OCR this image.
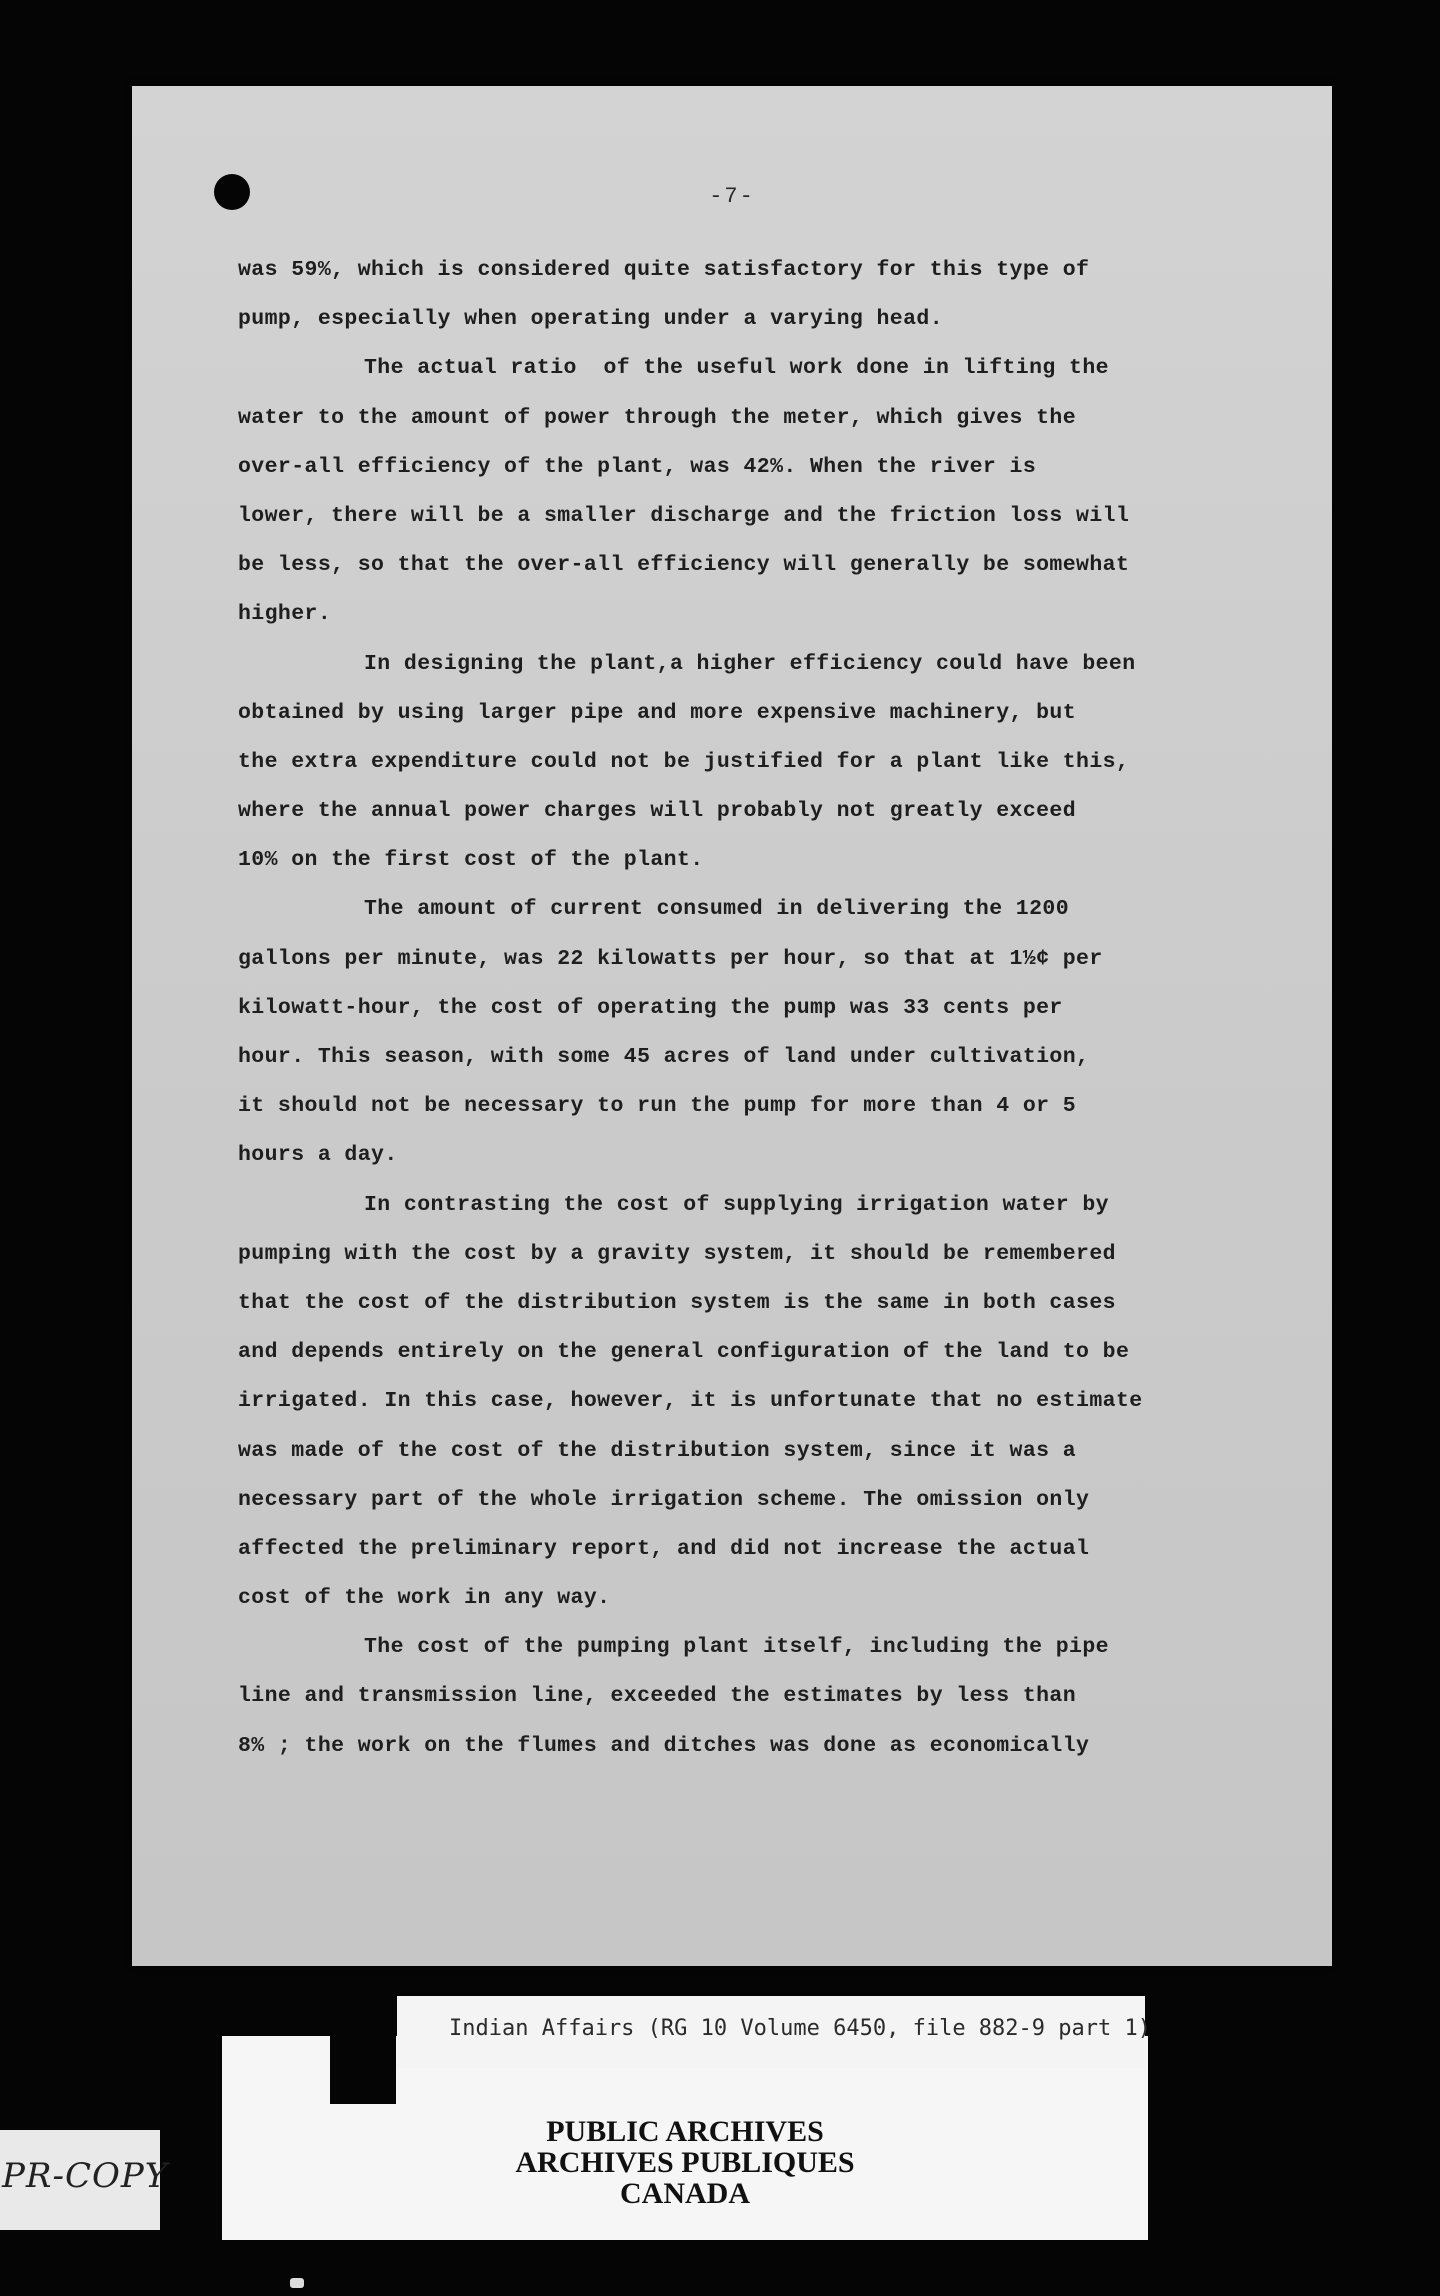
-7-
was 59%, which is considered quite satisfactory for this type of
pump, especially when operating under a varying head.
The actual ratio  of the useful work done in lifting the
water to the amount of power through the meter, which gives the
over-all efficiency of the plant, was 42%. When the river is
lower, there will be a smaller discharge and the friction loss will
be less, so that the over-all efficiency will generally be somewhat
higher.
In designing the plant,a higher efficiency could have been
obtained by using larger pipe and more expensive machinery, but
the extra expenditure could not be justified for a plant like this,
where the annual power charges will probably not greatly exceed
10% on the first cost of the plant.
The amount of current consumed in delivering the 1200
gallons per minute, was 22 kilowatts per hour, so that at 1½¢ per
kilowatt-hour, the cost of operating the pump was 33 cents per
hour. This season, with some 45 acres of land under cultivation,
it should not be necessary to run the pump for more than 4 or 5
hours a day.
In contrasting the cost of supplying irrigation water by
pumping with the cost by a gravity system, it should be remembered
that the cost of the distribution system is the same in both cases
and depends entirely on the general configuration of the land to be
irrigated. In this case, however, it is unfortunate that no estimate
was made of the cost of the distribution system, since it was a
necessary part of the whole irrigation scheme. The omission only
affected the preliminary report, and did not increase the actual
cost of the work in any way.
The cost of the pumping plant itself, including the pipe
line and transmission line, exceeded the estimates by less than
8% ; the work on the flumes and ditches was done as economically
PUBLIC ARCHIVES
ARCHIVES PUBLIQUES
CANADA
Indian Affairs (RG 10 Volume 6450, file 882-9 part 1)
PR-COPY
